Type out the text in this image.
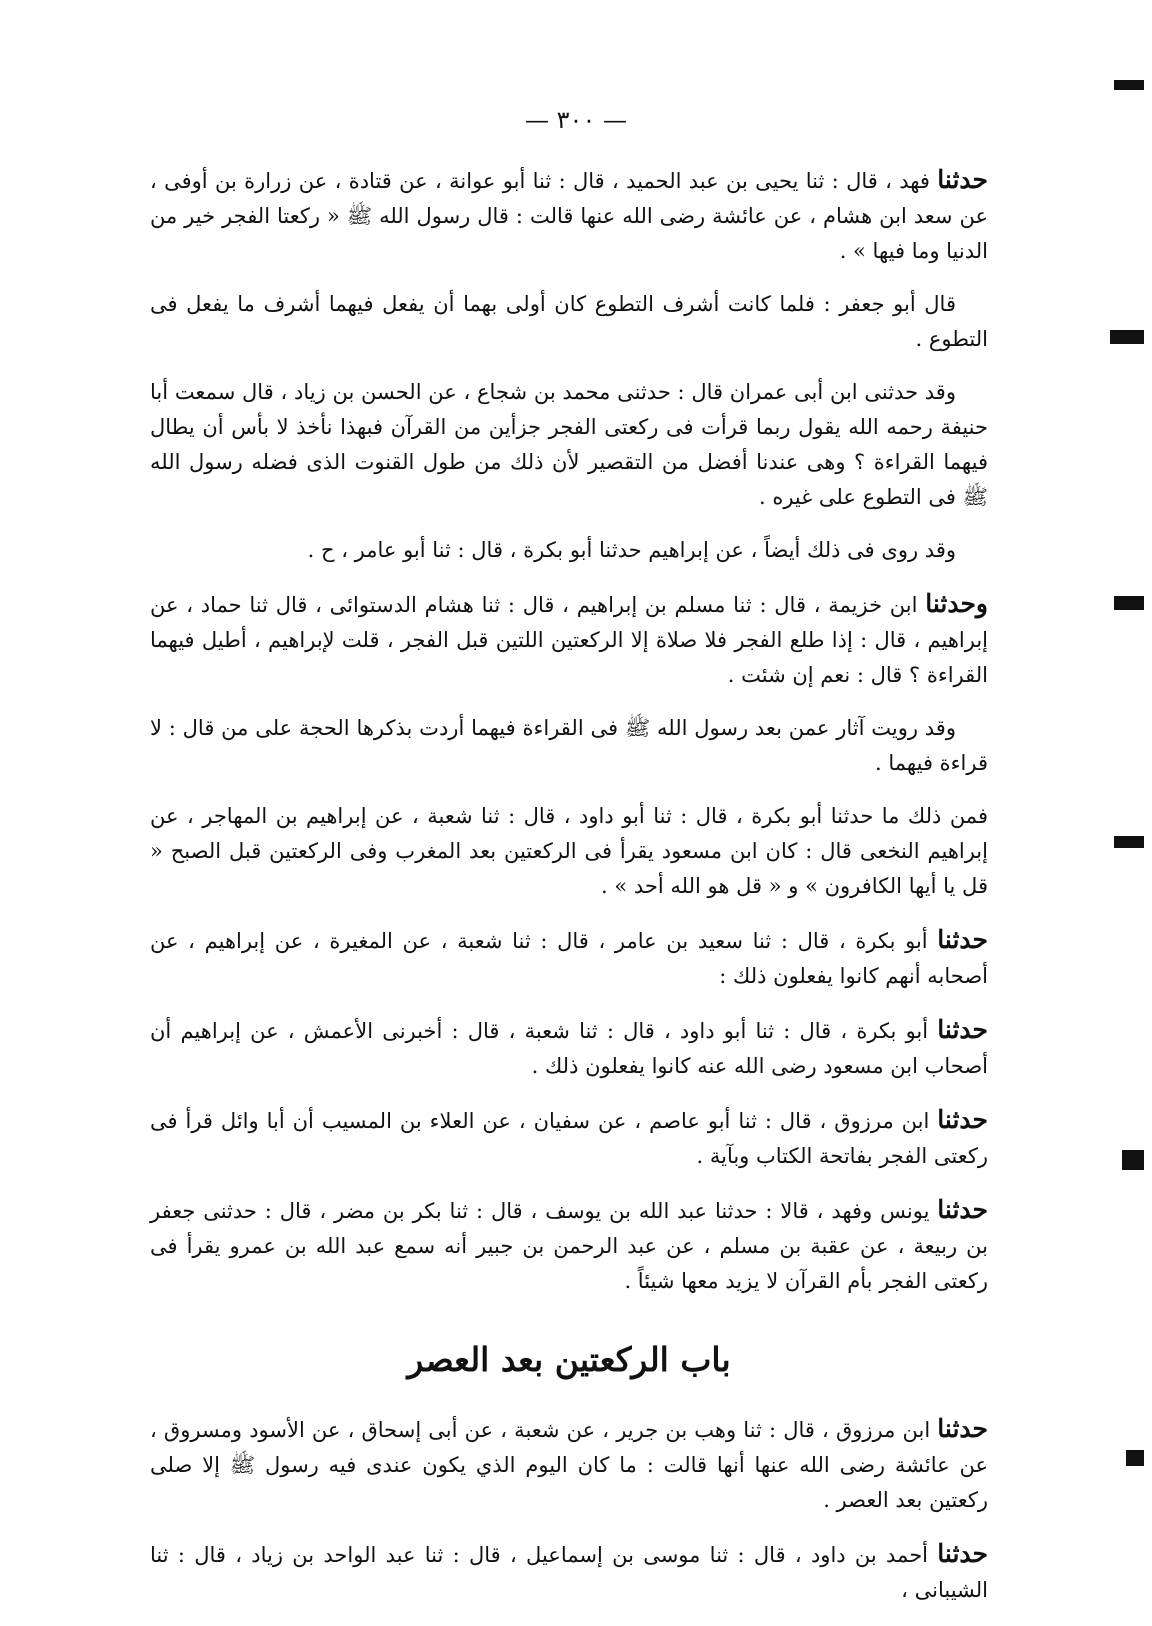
— ٣٠٠ —

حدثنا فهد ، قال : ثنا يحيى بن عبد الحميد ، قال : ثنا أبو عوانة ، عن قتادة ، عن زرارة بن أوفى ، عن سعد ابن هشام ، عن عائشة رضى الله عنها قالت : قال رسول الله ﷺ « ركعتا الفجر خير من الدنيا وما فيها » .

قال أبو جعفر : فلما كانت أشرف التطوع كان أولى بهما أن يفعل فيهما أشرف ما يفعل فى التطوع .

وقد حدثنى ابن أبى عمران قال : حدثنى محمد بن شجاع ، عن الحسن بن زياد ، قال سمعت أبا حنيفة رحمه الله يقول ربما قرأت فى ركعتى الفجر جزأين من القرآن فبهذا نأخذ لا بأس أن يطال فيهما القراءة ؟ وهى عندنا أفضل من التقصير لأن ذلك من طول القنوت الذى فضله رسول الله ﷺ فى التطوع على غيره .

وقد روى فى ذلك أيضاً ، عن إبراهيم حدثنا أبو بكرة ، قال : ثنا أبو عامر ، ح .

وحدثنا ابن خزيمة ، قال : ثنا مسلم بن إبراهيم ، قال : ثنا هشام الدستوائى ، قال ثنا حماد ، عن إبراهيم ، قال : إذا طلع الفجر فلا صلاة إلا الركعتين اللتين قبل الفجر ، قلت لإبراهيم ، أطيل فيهما القراءة ؟ قال : نعم إن شئت .

وقد رويت آثار عمن بعد رسول الله ﷺ فى القراءة فيهما أردت بذكرها الحجة على من قال : لا قراءة فيهما .

فمن ذلك ما حدثنا أبو بكرة ، قال : ثنا أبو داود ، قال : ثنا شعبة ، عن إبراهيم بن المهاجر ، عن إبراهيم النخعى قال : كان ابن مسعود يقرأ فى الركعتين بعد المغرب وفى الركعتين قبل الصبح « قل يا أيها الكافرون » و « قل هو الله أحد » .

حدثنا أبو بكرة ، قال : ثنا سعيد بن عامر ، قال : ثنا شعبة ، عن المغيرة ، عن إبراهيم ، عن أصحابه أنهم كانوا يفعلون ذلك :

حدثنا أبو بكرة ، قال : ثنا أبو داود ، قال : ثنا شعبة ، قال : أخبرنى الأعمش ، عن إبراهيم أن أصحاب ابن مسعود رضى الله عنه كانوا يفعلون ذلك .

حدثنا ابن مرزوق ، قال : ثنا أبو عاصم ، عن سفيان ، عن العلاء بن المسيب أن أبا وائل قرأ فى ركعتى الفجر بفاتحة الكتاب وبآية .

حدثنا يونس وفهد ، قالا : حدثنا عبد الله بن يوسف ، قال : ثنا بكر بن مضر ، قال : حدثنى جعفر بن ربيعة ، عن عقبة بن مسلم ، عن عبد الرحمن بن جبير أنه سمع عبد الله بن عمرو يقرأ فى ركعتى الفجر بأم القرآن لا يزيد معها شيئاً .

باب الركعتين بعد العصر

حدثنا ابن مرزوق ، قال : ثنا وهب بن جرير ، عن شعبة ، عن أبى إسحاق ، عن الأسود ومسروق ، عن عائشة رضى الله عنها أنها قالت : ما كان اليوم الذي يكون عندى فيه رسول ﷺ إلا صلى ركعتين بعد العصر .

حدثنا أحمد بن داود ، قال : ثنا موسى بن إسماعيل ، قال : ثنا عبد الواحد بن زياد ، قال : ثنا الشيبانى ،
